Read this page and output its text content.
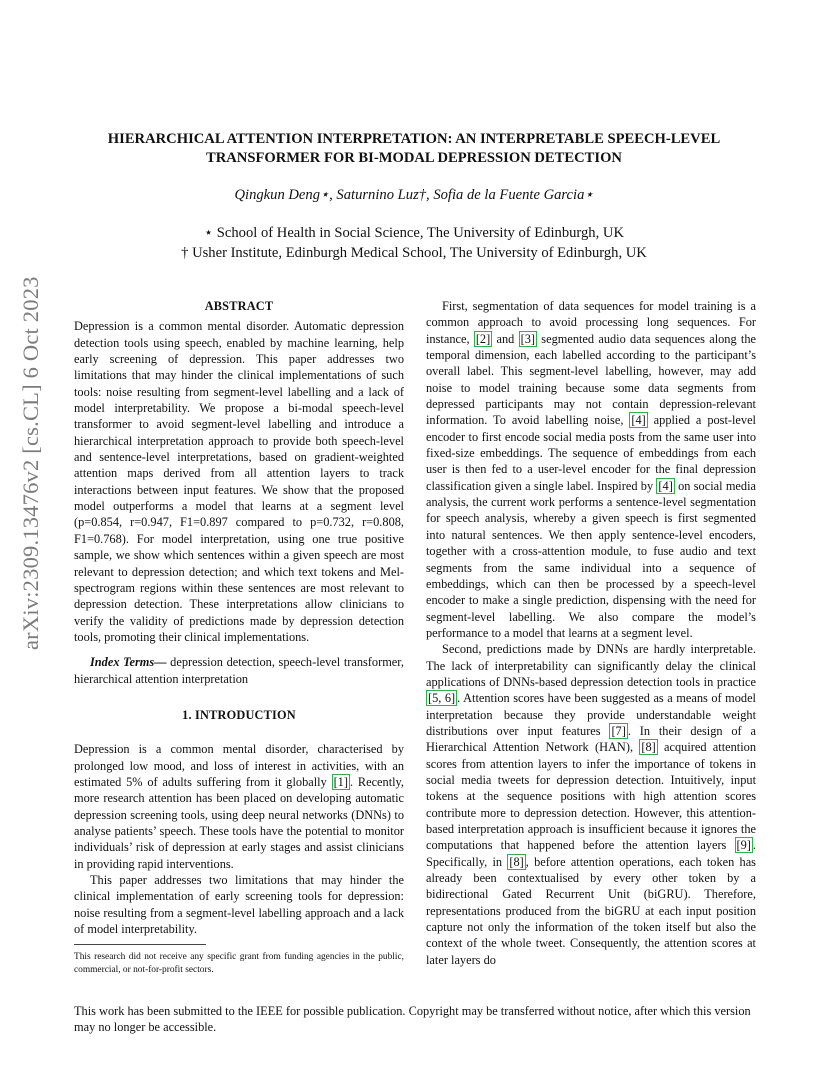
arXiv:2309.13476v2 [cs.CL] 6 Oct 2023
HIERARCHICAL ATTENTION INTERPRETATION: AN INTERPRETABLE SPEECH-LEVEL
TRANSFORMER FOR BI-MODAL DEPRESSION DETECTION
Qingkun Deng⋆, Saturnino Luz†, Sofia de la Fuente Garcia⋆
⋆ School of Health in Social Science, The University of Edinburgh, UK
† Usher Institute, Edinburgh Medical School, The University of Edinburgh, UK
ABSTRACT

Depression is a common mental disorder. Automatic depression detection tools using speech, enabled by machine learning, help early screening of depression. This paper addresses two limitations that may hinder the clinical implementations of such tools: noise resulting from segment-level labelling and a lack of model interpretability. We propose a bi-modal speech-level transformer to avoid segment-level labelling and introduce a hierarchical interpretation approach to provide both speech-level and sentence-level interpretations, based on gradient-weighted attention maps derived from all attention layers to track interactions between input features. We show that the proposed model outperforms a model that learns at a segment level (p=0.854, r=0.947, F1=0.897 compared to p=0.732, r=0.808, F1=0.768). For model interpretation, using one true positive sample, we show which sentences within a given speech are most relevant to depression detection; and which text tokens and Mel-spectrogram regions within these sentences are most relevant to depression detection. These interpretations allow clinicians to verify the validity of predictions made by depression detection tools, promoting their clinical implementations.

Index Terms— depression detection, speech-level transformer, hierarchical attention interpretation

1. INTRODUCTION

Depression is a common mental disorder, characterised by prolonged low mood, and loss of interest in activities, with an estimated 5% of adults suffering from it globally [1] . Recently, more research attention has been placed on developing automatic depression screening tools, using deep neural networks (DNNs) to analyse patients’ speech. These tools have the potential to monitor individuals’ risk of depression at early stages and assist clinicians in providing rapid interventions.

This paper addresses two limitations that may hinder the clinical implementation of early screening tools for depression: noise resulting from a segment-level labelling approach and a lack of model interpretability.

This research did not receive any specific grant from funding agencies in the public, commercial, or not-for-profit sectors.

First, segmentation of data sequences for model training is a common approach to avoid processing long sequences. For instance, [2] and [3] segmented audio data sequences along the temporal dimension, each labelled according to the participant’s overall label. This segment-level labelling, however, may add noise to model training because some data segments from depressed participants may not contain depression-relevant information. To avoid labelling noise, [4] applied a post-level encoder to first encode social media posts from the same user into fixed-size embeddings. The sequence of embeddings from each user is then fed to a user-level encoder for the final depression classification given a single label. Inspired by [4] on social media analysis, the current work performs a sentence-level segmentation for speech analysis, whereby a given speech is first segmented into natural sentences. We then apply sentence-level encoders, together with a cross-attention module, to fuse audio and text segments from the same individual into a sequence of embeddings, which can then be processed by a speech-level encoder to make a single prediction, dispensing with the need for segment-level labelling. We also compare the model’s performance to a model that learns at a segment level.

Second, predictions made by DNNs are hardly interpretable. The lack of interpretability can significantly delay the clinical applications of DNNs-based depression detection tools in practice [5, 6] . Attention scores have been suggested as a means of model interpretation because they provide understandable weight distributions over input features [7] . In their design of a Hierarchical Attention Network (HAN), [8] acquired attention scores from attention layers to infer the importance of tokens in social media tweets for depression detection. Intuitively, input tokens at the sequence positions with high attention scores contribute more to depression detection. However, this attention-based interpretation approach is insufficient because it ignores the computations that happened before the attention layers [9] . Specifically, in [8] , before attention operations, each token has already been contextualised by every other token by a bidirectional Gated Recurrent Unit (biGRU). Therefore, representations produced from the biGRU at each input position capture not only the information of the token itself but also the context of the whole tweet. Consequently, the attention scores at later layers do

This work has been submitted to the IEEE for possible publication. Copyright may be transferred without notice, after which this version may no longer be accessible.
